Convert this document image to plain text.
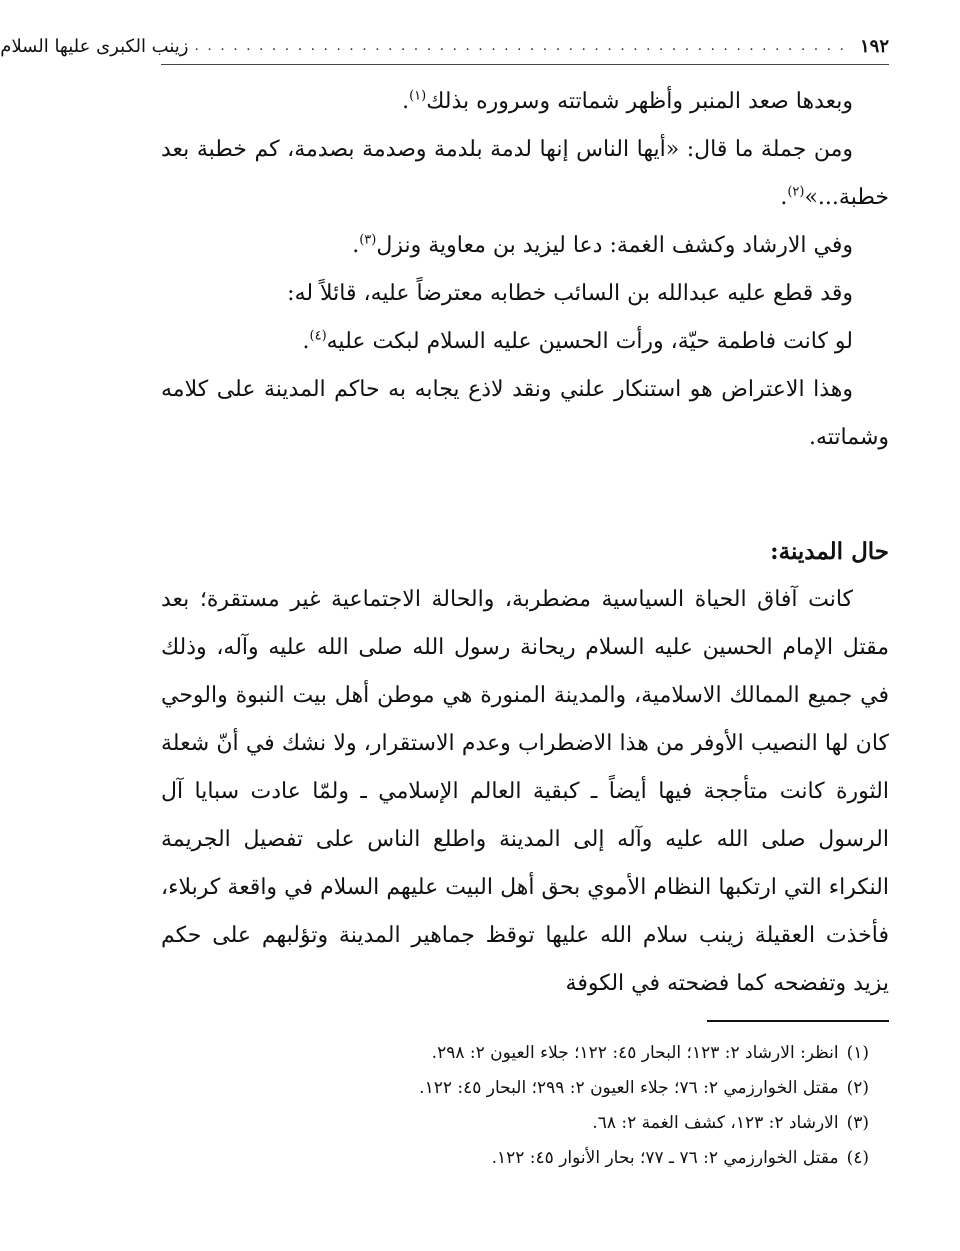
١٩٢
. . . . . . . . . . . . . . . . . . . . . . . . . . . . . . . . . . . . . . . . . . . . . . . . . . .
زينب الكبرى عليها السلام

وبعدها صعد المنبر وأظهر شماتته وسروره بذلك$^{(١)}$.

ومن جملة ما قال: «أيها الناس إنها لدمة بلدمة وصدمة بصدمة، كم خطبة بعد خطبة...»$^{(٢)}$.

وفي الارشاد وكشف الغمة: دعا ليزيد بن معاوية ونزل$^{(٣)}$.

وقد قطع عليه عبدالله بن السائب خطابه معترضاً عليه، قائلاً له:

لو كانت فاطمة حيّة، ورأت الحسين عليه السلام لبكت عليه$^{(٤)}$.

وهذا الاعتراض هو استنكار علني ونقد لاذع يجابه به حاكم المدينة على كلامه وشماتته.

حال المدينة:

كانت آفاق الحياة السياسية مضطربة، والحالة الاجتماعية غير مستقرة؛ بعد مقتل الإمام الحسين عليه السلام ريحانة رسول الله صلى الله عليه وآله، وذلك في جميع الممالك الاسلامية، والمدينة المنورة هي موطن أهل بيت النبوة والوحي كان لها النصيب الأوفر من هذا الاضطراب وعدم الاستقرار، ولا نشك في أنّ شعلة الثورة كانت متأججة فيها أيضاً ـ كبقية العالم الإسلامي ـ ولمّا عادت سبايا آل الرسول صلى الله عليه وآله إلى المدينة واطلع الناس على تفصيل الجريمة النكراء التي ارتكبها النظام الأموي بحق أهل البيت عليهم السلام في واقعة كربلاء، فأخذت العقيلة زينب سلام الله عليها توقظ جماهير المدينة وتؤلبهم على حكم يزيد وتفضحه كما فضحته في الكوفة

(١)انظر: الارشاد ٢: ١٢٣؛ البحار ٤٥: ١٢٢؛ جلاء العيون ٢: ٢٩٨.

(٢)مقتل الخوارزمي ٢: ٧٦؛ جلاء العيون ٢: ٢٩٩؛ البحار ٤٥: ١٢٢.

(٣)الارشاد ٢: ١٢٣، كشف الغمة ٢: ٦٨.

(٤)مقتل الخوارزمي ٢: ٧٦ ـ ٧٧؛ بحار الأنوار ٤٥: ١٢٢.
